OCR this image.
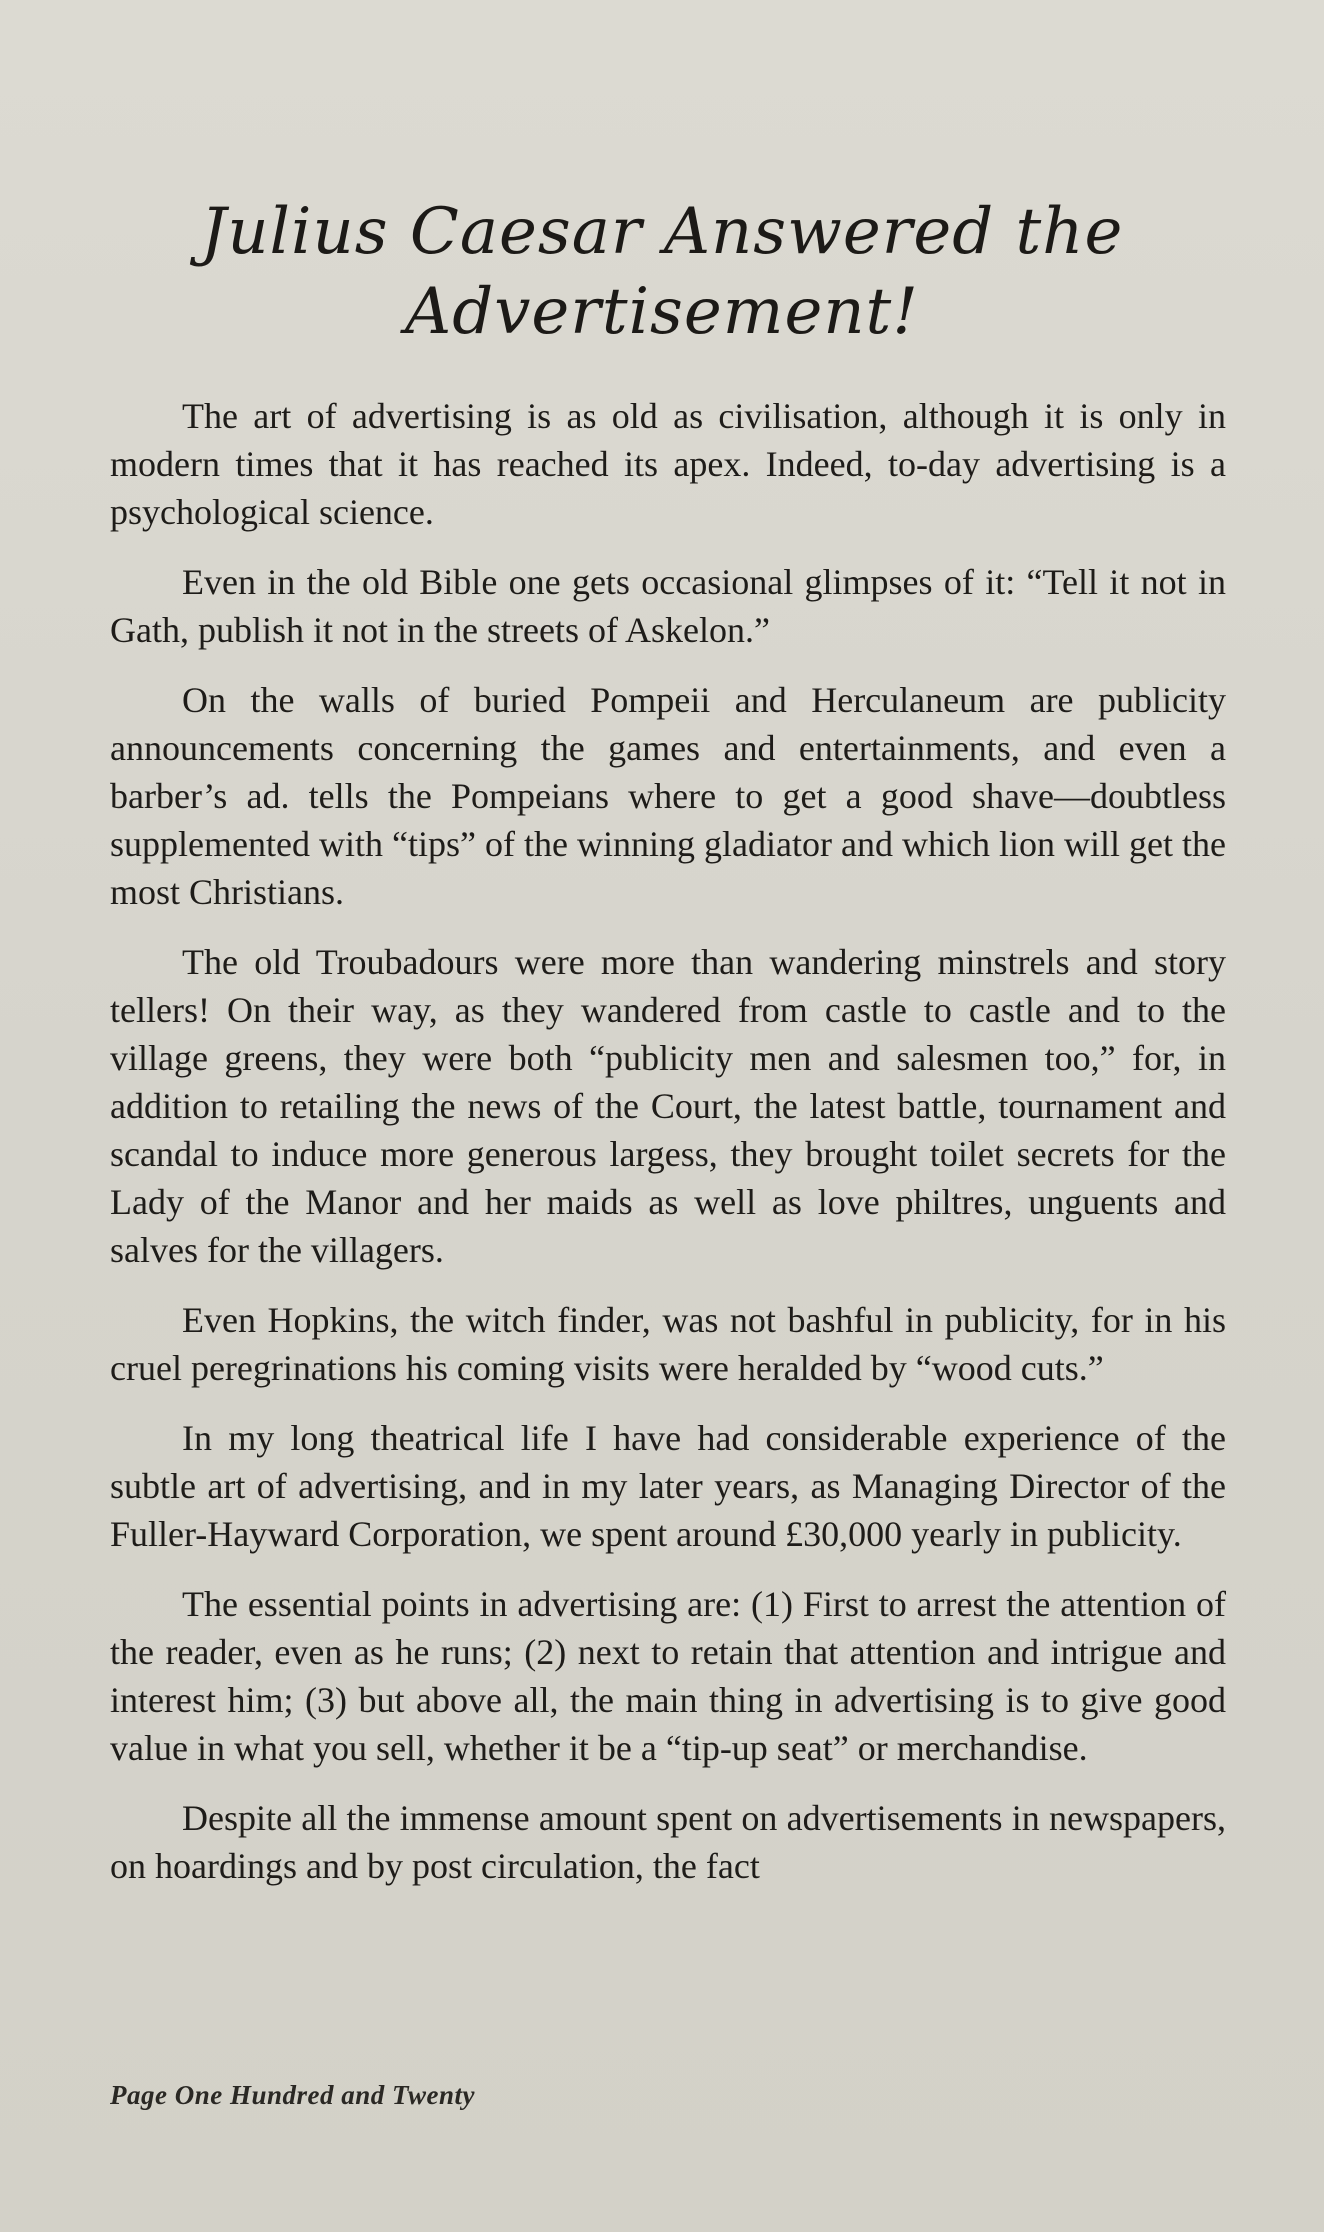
Julius Caesar Answered the Advertisement!

The art of advertising is as old as civilisation, although it is only in modern times that it has reached its apex. Indeed, to-day advertising is a psychological science.

Even in the old Bible one gets occasional glimpses of it: “Tell it not in Gath, publish it not in the streets of Askelon.”

On the walls of buried Pompeii and Herculaneum are publicity announcements concerning the games and entertainments, and even a barber’s ad. tells the Pompeians where to get a good shave—doubtless supplemented with “tips” of the winning gladiator and which lion will get the most Christians.

The old Troubadours were more than wandering minstrels and story tellers! On their way, as they wandered from castle to castle and to the village greens, they were both “publicity men and salesmen too,” for, in addition to retailing the news of the Court, the latest battle, tournament and scandal to induce more generous largess, they brought toilet secrets for the Lady of the Manor and her maids as well as love philtres, unguents and salves for the villagers.

Even Hopkins, the witch finder, was not bashful in publicity, for in his cruel peregrinations his coming visits were heralded by “wood cuts.”

In my long theatrical life I have had considerable experience of the subtle art of advertising, and in my later years, as Managing Director of the Fuller-Hayward Corporation, we spent around £30,000 yearly in publicity.

The essential points in advertising are: (1) First to arrest the attention of the reader, even as he runs; (2) next to retain that attention and intrigue and interest him; (3) but above all, the main thing in advertising is to give good value in what you sell, whether it be a “tip-up seat” or merchandise.

Despite all the immense amount spent on advertisements in newspapers, on hoardings and by post circulation, the fact

Page One Hundred and Twenty
